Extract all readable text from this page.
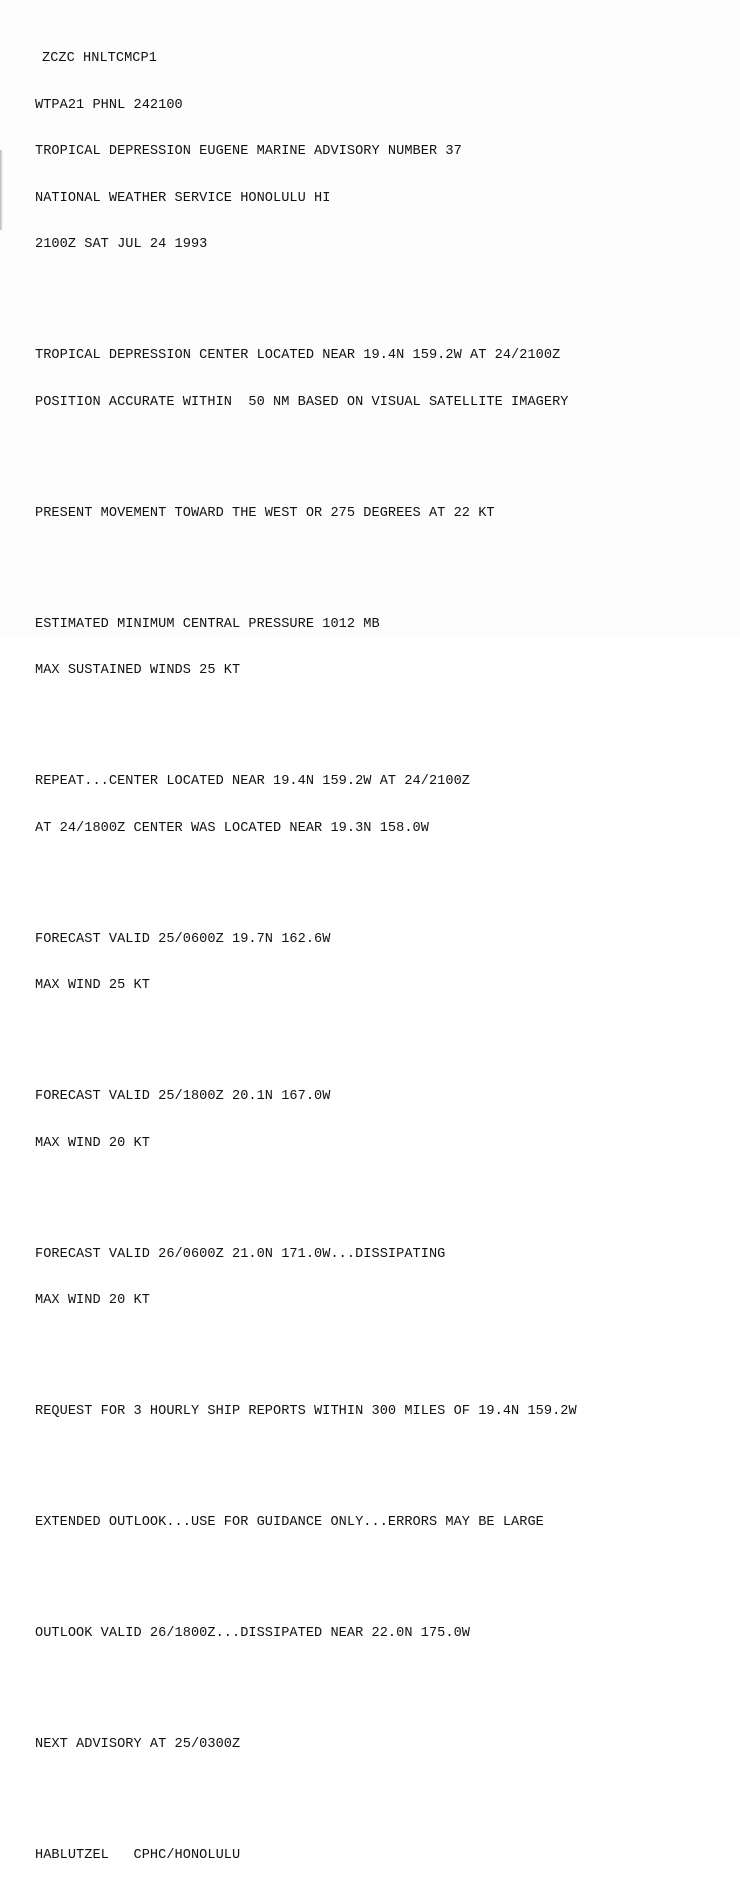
ZCZC HNLTCMCP1

WTPA21 PHNL 242100

TROPICAL DEPRESSION EUGENE MARINE ADVISORY NUMBER 37

NATIONAL WEATHER SERVICE HONOLULU HI

2100Z SAT JUL 24 1993

TROPICAL DEPRESSION CENTER LOCATED NEAR 19.4N 159.2W AT 24/2100Z

POSITION ACCURATE WITHIN  50 NM BASED ON VISUAL SATELLITE IMAGERY

PRESENT MOVEMENT TOWARD THE WEST OR 275 DEGREES AT 22 KT

ESTIMATED MINIMUM CENTRAL PRESSURE 1012 MB

MAX SUSTAINED WINDS 25 KT

REPEAT...CENTER LOCATED NEAR 19.4N 159.2W AT 24/2100Z

AT 24/1800Z CENTER WAS LOCATED NEAR 19.3N 158.0W

FORECAST VALID 25/0600Z 19.7N 162.6W

MAX WIND 25 KT

FORECAST VALID 25/1800Z 20.1N 167.0W

MAX WIND 20 KT

FORECAST VALID 26/0600Z 21.0N 171.0W...DISSIPATING

MAX WIND 20 KT

REQUEST FOR 3 HOURLY SHIP REPORTS WITHIN 300 MILES OF 19.4N 159.2W

EXTENDED OUTLOOK...USE FOR GUIDANCE ONLY...ERRORS MAY BE LARGE

OUTLOOK VALID 26/1800Z...DISSIPATED NEAR 22.0N 175.0W

NEXT ADVISORY AT 25/0300Z

HABLUTZEL   CPHC/HONOLULU
